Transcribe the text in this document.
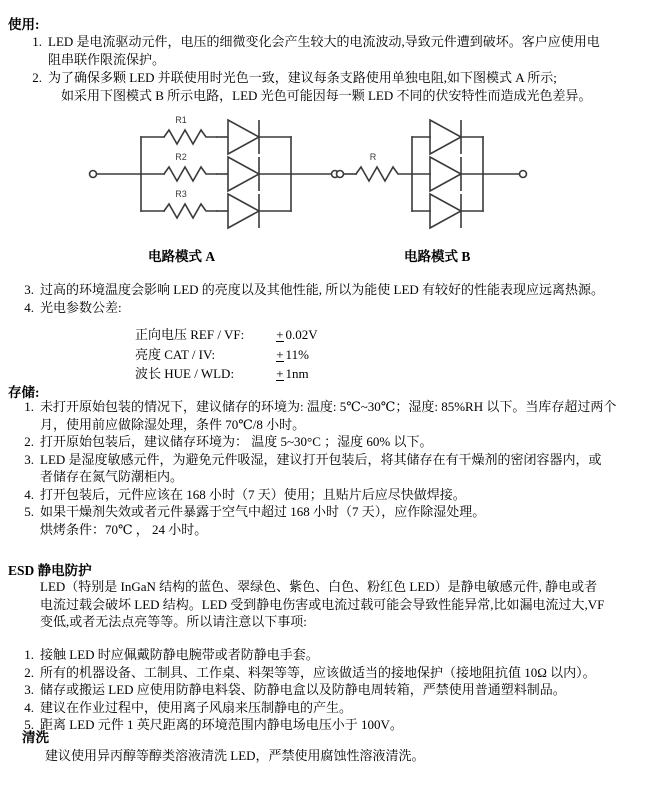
使用:
1. LED 是电流驱动元件，电压的细微变化会产生较大的电流波动,导致元件遭到破坏。客户应使用电
阻串联作限流保护。
2. 为了确保多颗 LED 并联使用时光色一致，建议每条支路使用单独电阻,如下图模式 A 所示;
如采用下图模式 B 所示电路，LED 光色可能因每一颗 LED 不同的伏安特性而造成光色差异。
R1
R2
R3
R
电路模式 A	电路模式 B
3. 过高的环境温度会影响 LED 的亮度以及其他性能, 所以为能使 LED 有较好的性能表现应远离热源。
4. 光电参数公差:
正向电压 REF / VF:	+ 0.02V
亮度 CAT / IV:	+ 11%
波长 HUE / WLD:	+ 1nm
存储:
1. 未打开原始包装的情况下，建议储存的环境为: 温度: 5℃~30℃；湿度: 85%RH 以下。当库存超过两个
月，使用前应做除湿处理，条件 70℃/8 小时。
2. 打开原始包装后，建议储存环境为： 温度 5~30°C ；湿度 60% 以下。
3. LED 是湿度敏感元件，为避免元件吸湿，建议打开包装后，将其储存在有干燥剂的密闭容器内，或
者储存在氮气防潮柜内。
4. 打开包装后，元件应该在 168 小时（7 天）使用；且贴片后应尽快做焊接。
5. 如果干燥剂失效或者元件暴露于空气中超过 168 小时（7 天），应作除湿处理。
烘烤条件：70℃ ， 24 小时。
ESD 静电防护
LED（特别是 InGaN 结构的蓝色、翠绿色、紫色、白色、粉红色 LED）是静电敏感元件, 静电或者
电流过载会破坏 LED 结构。LED 受到静电伤害或电流过载可能会导致性能异常,比如漏电流过大,VF
变低,或者无法点亮等等。所以请注意以下事项:
1. 接触 LED 时应佩戴防静电腕带或者防静电手套。
2. 所有的机器设备、工制具、工作桌、料架等等，应该做适当的接地保护（接地阻抗值 10Ω 以内）。
3. 储存或搬运 LED 应使用防静电料袋、防静电盒以及防静电周转箱，严禁使用普通塑料制品。
4. 建议在作业过程中，使用离子风扇来压制静电的产生。
5. 距离 LED 元件 1 英尺距离的环境范围内静电场电压小于 100V。
清洗
建议使用异丙醇等醇类溶液清洗 LED，严禁使用腐蚀性溶液清洗。
